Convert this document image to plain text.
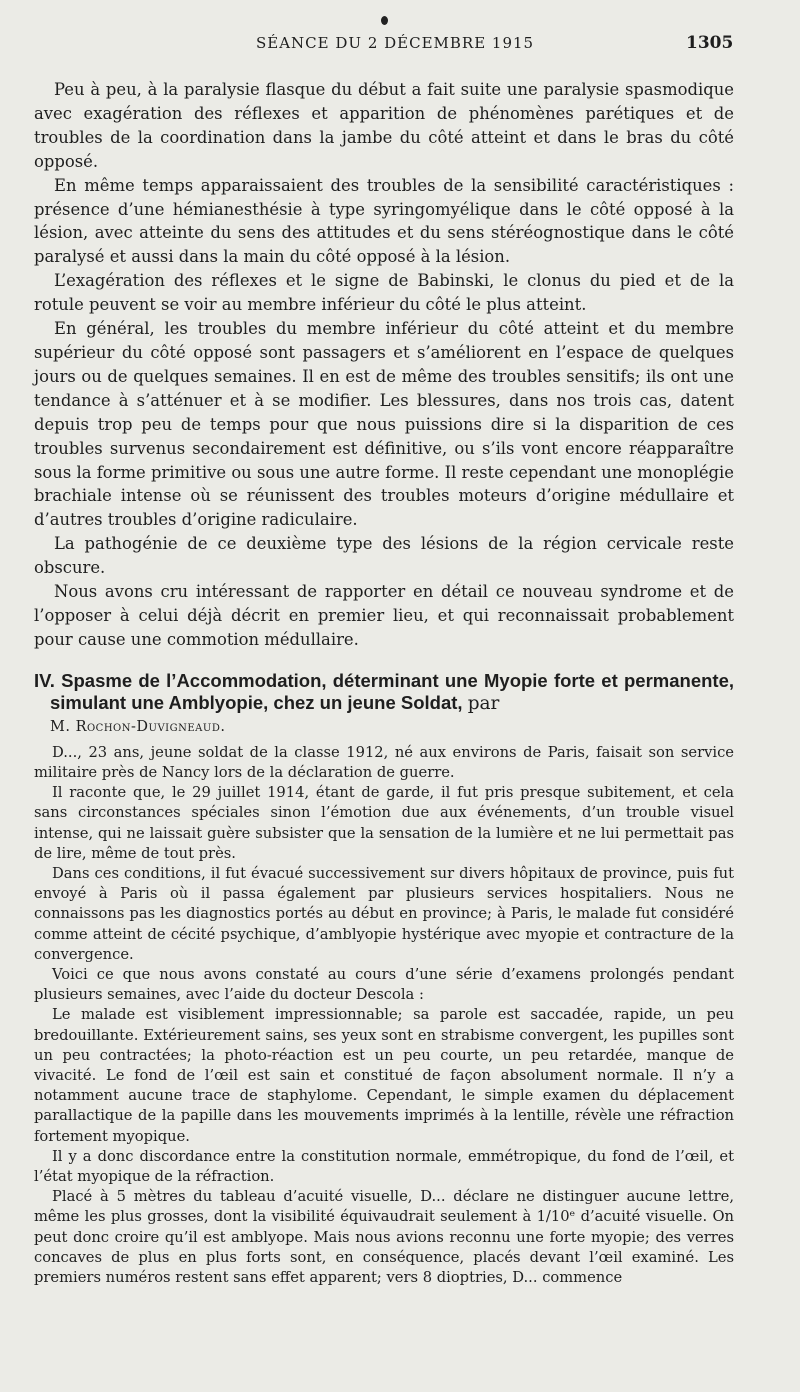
SÉANCE DU 2 DÉCEMBRE 1915	1305

Peu à peu, à la paralysie flasque du début a fait suite une paralysie spasmodique avec exagération des réflexes et apparition de phénomènes parétiques et de troubles de la coordination dans la jambe du côté atteint et dans le bras du côté opposé.

En même temps apparaissaient des troubles de la sensibilité caractéristiques : présence d’une hémianesthésie à type syringomyélique dans le côté opposé à la lésion, avec atteinte du sens des attitudes et du sens stéréognostique dans le côté paralysé et aussi dans la main du côté opposé à la lésion.

L’exagération des réflexes et le signe de Babinski, le clonus du pied et de la rotule peuvent se voir au membre inférieur du côté le plus atteint.

En général, les troubles du membre inférieur du côté atteint et du membre supérieur du côté opposé sont passagers et s’améliorent en l’espace de quelques jours ou de quelques semaines. Il en est de même des troubles sensitifs; ils ont une tendance à s’atténuer et à se modifier. Les blessures, dans nos trois cas, datent depuis trop peu de temps pour que nous puissions dire si la disparition de ces troubles survenus secondairement est définitive, ou s’ils vont encore réapparaître sous la forme primitive ou sous une autre forme. Il reste cependant une monoplégie brachiale intense où se réunissent des troubles moteurs d’origine médullaire et d’autres troubles d’origine radiculaire.

La pathogénie de ce deuxième type des lésions de la région cervicale reste obscure.

Nous avons cru intéressant de rapporter en détail ce nouveau syndrome et de l’opposer à celui déjà décrit en premier lieu, et qui reconnaissait probablement pour cause une commotion médullaire.

IV. Spasme de l’Accommodation, déterminant une Myopie forte et permanente, simulant une Amblyopie, chez un jeune Soldat, par
M. Rochon-Duvigneaud.

D..., 23 ans, jeune soldat de la classe 1912, né aux environs de Paris, faisait son service militaire près de Nancy lors de la déclaration de guerre.

Il raconte que, le 29 juillet 1914, étant de garde, il fut pris presque subitement, et cela sans circonstances spéciales sinon l’émotion due aux événements, d’un trouble visuel intense, qui ne laissait guère subsister que la sensation de la lumière et ne lui permettait pas de lire, même de tout près.

Dans ces conditions, il fut évacué successivement sur divers hôpitaux de province, puis fut envoyé à Paris où il passa également par plusieurs services hospitaliers. Nous ne connaissons pas les diagnostics portés au début en province; à Paris, le malade fut considéré comme atteint de cécité psychique, d’amblyopie hystérique avec myopie et contracture de la convergence.

Voici ce que nous avons constaté au cours d’une série d’examens prolongés pendant plusieurs semaines, avec l’aide du docteur Descola :

Le malade est visiblement impressionnable; sa parole est saccadée, rapide, un peu bredouillante. Extérieurement sains, ses yeux sont en strabisme convergent, les pupilles sont un peu contractées; la photo-réaction est un peu courte, un peu retardée, manque de vivacité. Le fond de l’œil est sain et constitué de façon absolument normale. Il n’y a notamment aucune trace de staphylome. Cependant, le simple examen du déplacement parallactique de la papille dans les mouvements imprimés à la lentille, révèle une réfraction fortement myopique.

Il y a donc discordance entre la constitution normale, emmétropique, du fond de l’œil, et l’état myopique de la réfraction.

Placé à 5 mètres du tableau d’acuité visuelle, D... déclare ne distinguer aucune lettre, même les plus grosses, dont la visibilité équivaudrait seulement à 1/10ᵉ d’acuité visuelle. On peut donc croire qu’il est amblyope. Mais nous avions reconnu une forte myopie; des verres concaves de plus en plus forts sont, en conséquence, placés devant l’œil examiné. Les premiers numéros restent sans effet apparent; vers 8 dioptries, D... commence
